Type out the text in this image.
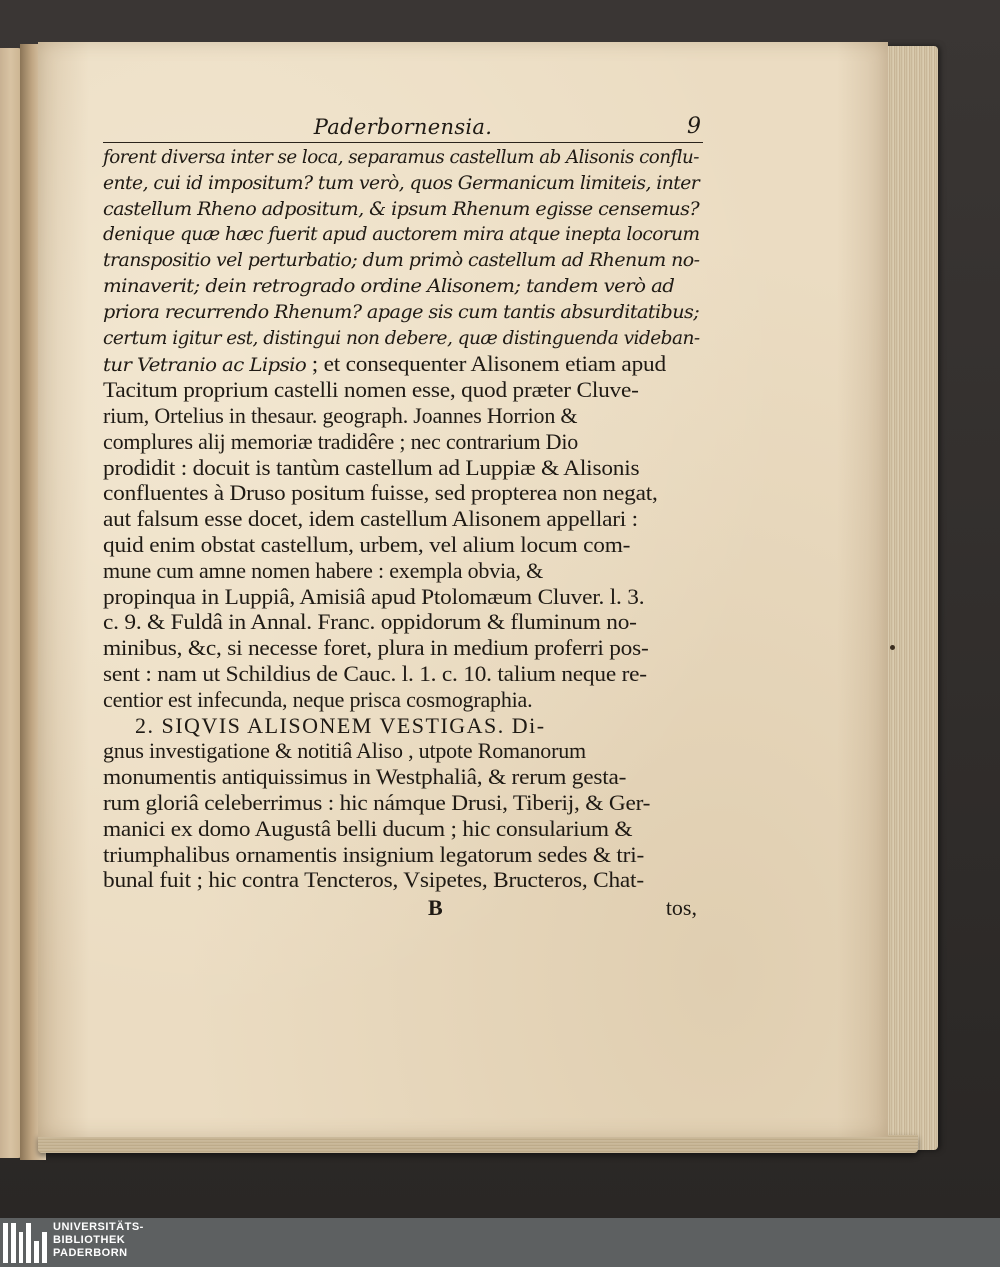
Paderbornensia.	9
forent diversa inter se loca, separamus castellum ab Alisonis conflu-
ente, cui id impositum? tum verò, quos Germanicum limiteis, inter
castellum Rheno adpositum, & ipsum Rhenum egisse censemus?
denique quæ hæc fuerit apud auctorem mira atque inepta locorum
transpositio vel perturbatio; dum primò castellum ad Rhenum no-
minaverit; dein retrogrado ordine Alisonem; tandem verò ad
priora recurrendo Rhenum? apage sis cum tantis absurditatibus;
certum igitur est, distingui non debere, quæ distinguenda videban-
tur Vetranio ac Lipsio ; et consequenter Alisonem etiam apud
Tacitum proprium castelli nomen esse, quod præter Cluve-
rium, Ortelius in thesaur. geograph. Joannes Horrion &
complures alij memoriæ tradidêre ; nec contrarium Dio
prodidit : docuit is tantùm castellum ad Luppiæ & Alisonis
confluentes à Druso positum fuisse, sed propterea non negat,
aut falsum esse docet, idem castellum Alisonem appellari :
quid enim obstat castellum, urbem, vel alium locum com-
mune cum amne nomen habere : exempla obvia, &
propinqua in Luppiâ, Amisiâ apud Ptolomæum Cluver. l. 3.
c. 9. & Fuldâ in Annal. Franc. oppidorum & fluminum no-
minibus, &c, si necesse foret, plura in medium proferri pos-
sent : nam ut Schildius de Cauc. l. 1. c. 10. talium neque re-
centior est infecunda, neque prisca cosmographia.
2. SIQVIS ALISONEM VESTIGAS. Di-
gnus investigatione & notitiâ Aliso , utpote Romanorum
monumentis antiquissimus in Westphaliâ, & rerum gesta-
rum gloriâ celeberrimus : hic námque Drusi, Tiberij, & Ger-
manici ex domo Augustâ belli ducum ; hic consularium &
triumphalibus ornamentis insignium legatorum sedes & tri-
bunal fuit ; hic contra Tencteros, Vsipetes, Bructeros, Chat-
B	tos,
UNIVERSITÄTS-
BIBLIOTHEK
PADERBORN
